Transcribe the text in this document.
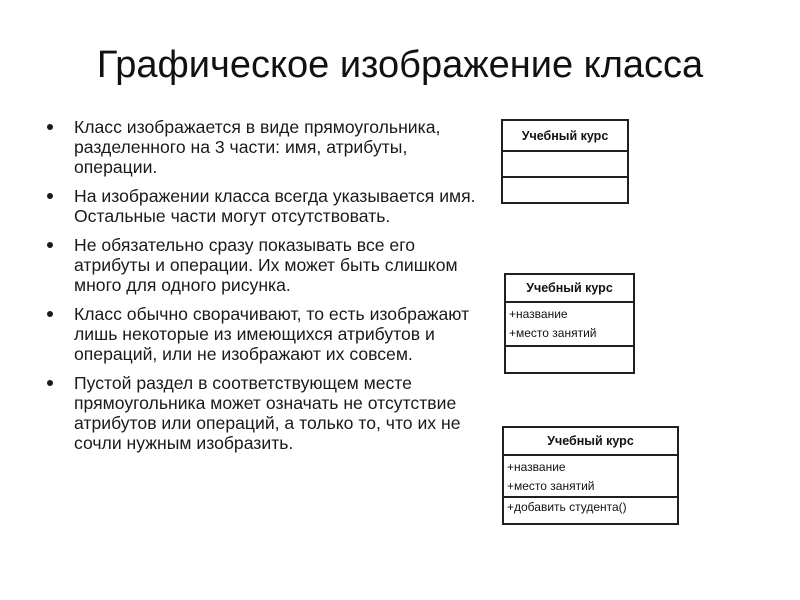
Графическое изображение класса
Класс изображается в виде прямоугольника, разделенного на 3 части: имя, атрибуты, операции.
На изображении класса всегда указывается имя. Остальные части могут отсутствовать.
Не обязательно сразу показывать все его атрибуты и операции. Их может быть слишком много для одного рисунка.
Класс обычно сворачивают, то есть изображают лишь некоторые из имеющихся атрибутов и операций, или не изображают их совсем.
Пустой раздел в соответствующем месте прямоугольника может означать не отсутствие атрибутов или операций, а только то, что их не сочли нужным изобразить.
Учебный курс
Учебный курс
+название
+место занятий
Учебный курс
+название
+место занятий
+добавить студента()
